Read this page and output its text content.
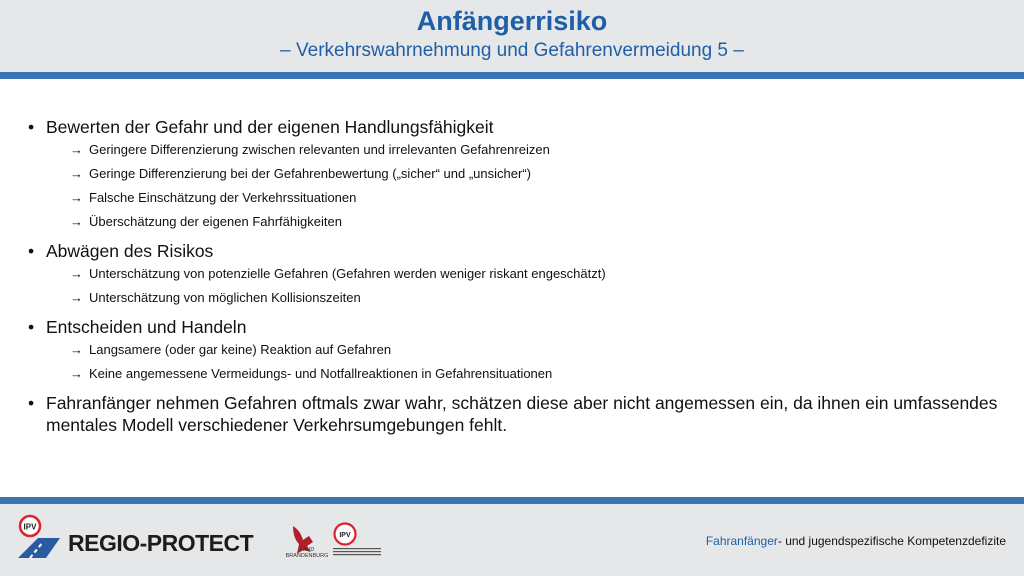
Anfängerrisiko
– Verkehrswahrnehmung und Gefahrenvermeidung 5 –
• Bewerten der Gefahr und der eigenen Handlungsfähigkeit
→ Geringere Differenzierung zwischen relevanten und irrelevanten Gefahrenreizen
→ Geringe Differenzierung bei der Gefahrenbewertung („sicher“ und „unsicher“)
→ Falsche Einschätzung der Verkehrssituationen
→ Überschätzung der eigenen Fahrfähigkeiten
• Abwägen des Risikos
→ Unterschätzung von potenzielle Gefahren (Gefahren werden weniger riskant engeschätzt)
→ Unterschätzung von möglichen Kollisionszeiten
• Entscheiden und Handeln
→ Langsamere (oder gar keine) Reaktion auf Gefahren
→ Keine angemessene Vermeidungs- und Notfallreaktionen in Gefahrensituationen
• Fahranfänger nehmen Gefahren oftmals zwar wahr, schätzen diese aber nicht angemessen ein, da ihnen ein umfassendes mentales Modell verschiedener Verkehrsumgebungen fehlt.
IPV
REGIO-PROTECT	LAND
BRANDENBURG
IPV	Fahranfänger- und jugendspezifische Kompetenzdefizite
